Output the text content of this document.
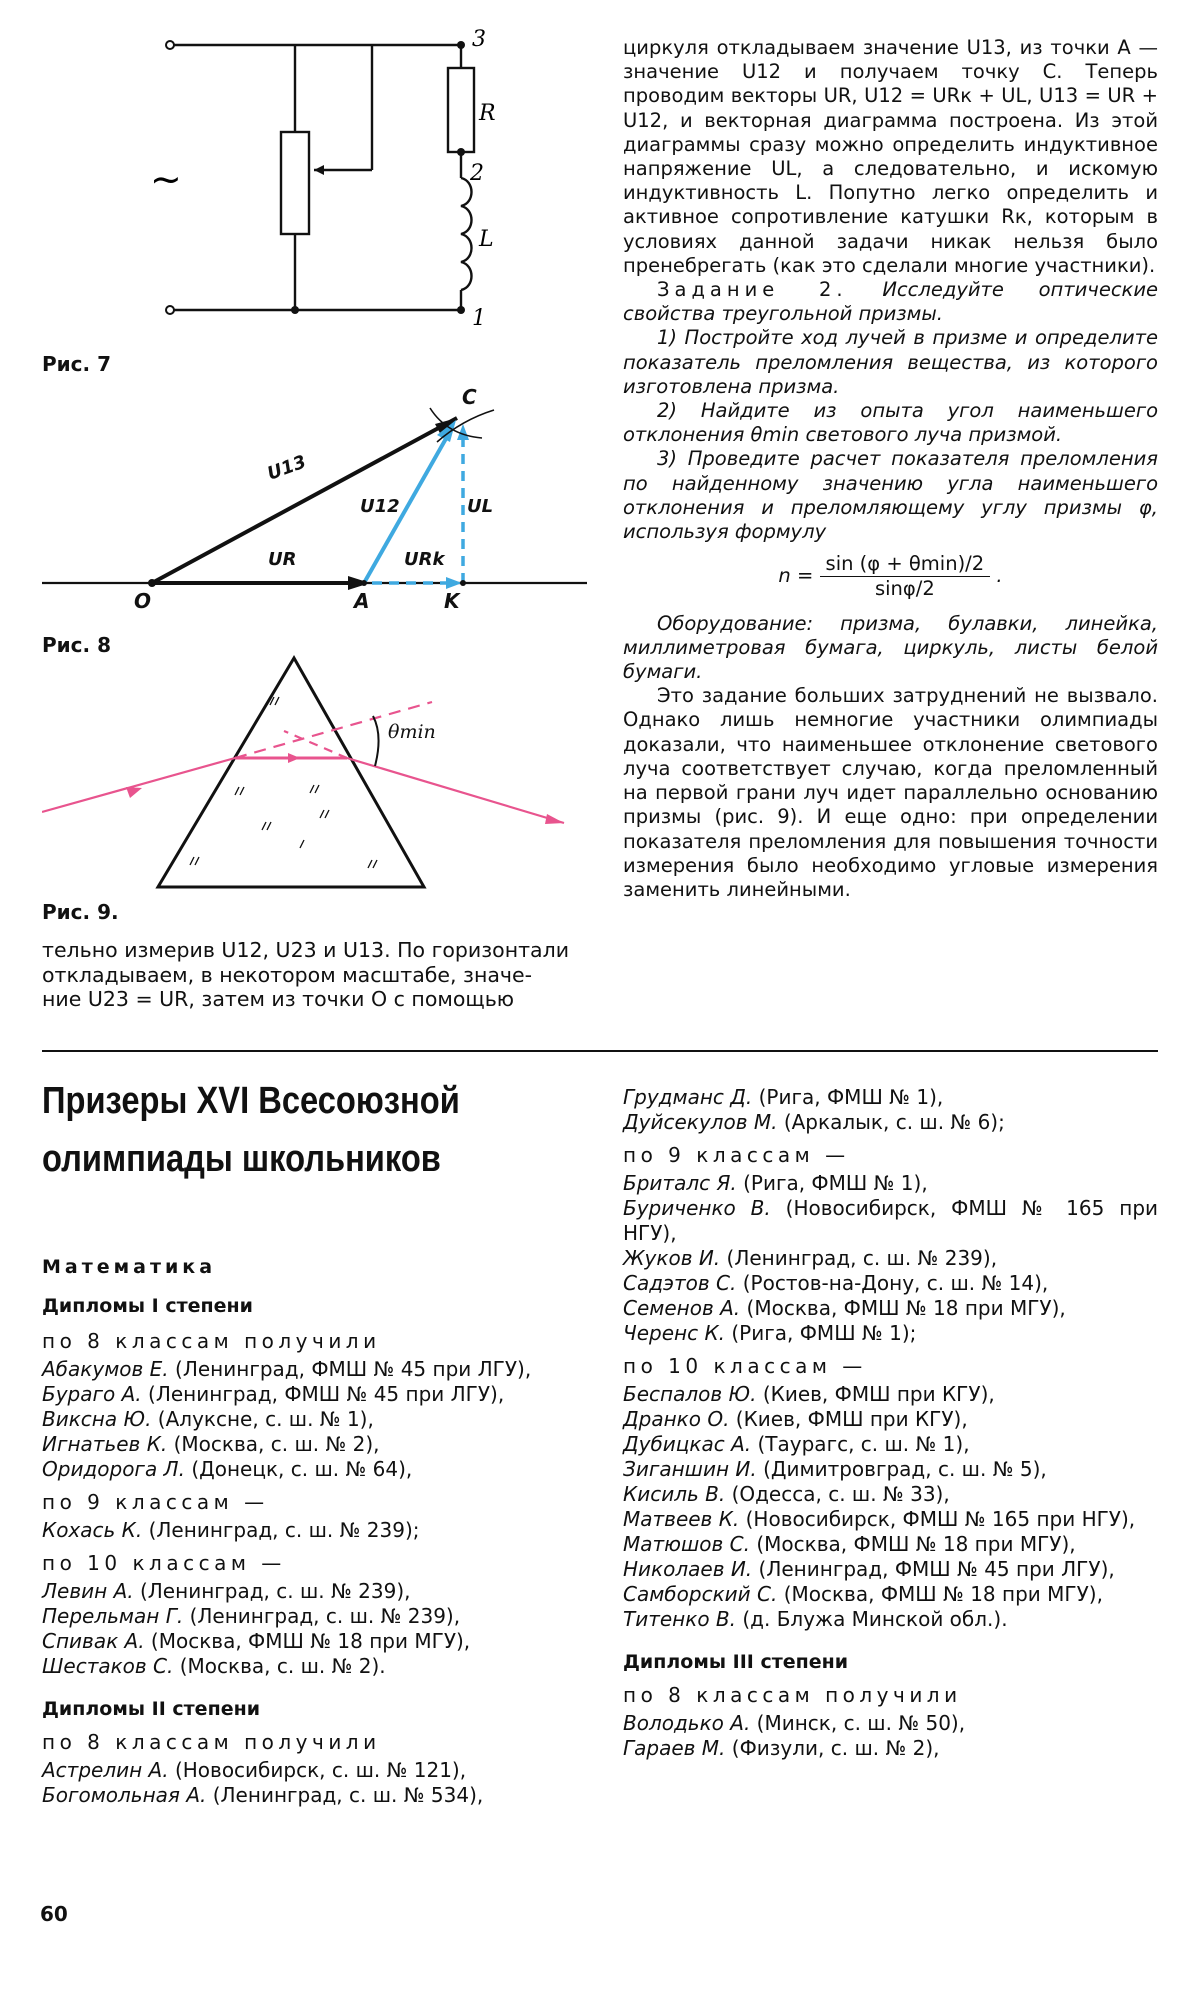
~
3
R
2
L
1
Рис. 7
C
O	A	K
U13
UR
U12
URk
UL
Рис. 8
θmin
Рис. 9.

тельно измерив U12, U23 и U13. По горизонтали

откладываем, в некотором масштабе, значе-

ние U23 = UR, затем из точки O с помощью

циркуля откладываем значение U13, из точки A — значение U12 и получаем точку C. Теперь проводим векторы UR, U12 = URк + UL, U13 = UR + U12, и векторная диаграмма построена. Из этой диаграммы сразу можно определить индуктивное напряжение UL, а следовательно, и искомую индуктивность L. Попутно легко определить и активное сопротивление катушки Rк, которым в условиях данной задачи никак нельзя было пренебрегать (как это сделали многие участники).

Задание 2. Исследуйте оптические свойства треугольной призмы.

1) Постройте ход лучей в призме и определите показатель преломления вещества, из которого изготовлена призма.

2) Найдите из опыта угол наименьшего отклонения θmin светового луча призмой.

3) Проведите расчет показателя преломления по найденному значению угла наименьшего отклонения и преломляющему углу призмы φ, используя формулу

$n = \frac{\sin (\varphi + \theta\min)/2}{\sin\varphi/2}$ .

Оборудование: призма, булавки, линейка, миллиметровая бумага, циркуль, листы белой бумаги.

Это задание больших затруднений не вызвало. Однако лишь немногие участники олимпиады доказали, что наименьшее отклонение светового луча соответствует случаю, когда преломленный на первой грани луч идет параллельно основанию призмы (рис. 9). И еще одно: при определении показателя преломления для повышения точности измерения было необходимо угловые измерения заменить линейными.

Призеры XVI Всесоюзной
олимпиады школьников
Математика
Дипломы I степени
по 8 классам получили

Абакумов Е. (Ленинград, ФМШ № 45 при ЛГУ),

Бураго А. (Ленинград, ФМШ № 45 при ЛГУ),

Виксна Ю. (Алуксне, с. ш. № 1),

Игнатьев К. (Москва, с. ш. № 2),

Оридорога Л. (Донецк, с. ш. № 64),

по 9 классам —

Кохась К. (Ленинград, с. ш. № 239);

по 10 классам —

Левин А. (Ленинград, с. ш. № 239),

Перельман Г. (Ленинград, с. ш. № 239),

Спивак А. (Москва, ФМШ № 18 при МГУ),

Шестаков С. (Москва, с. ш. № 2).

Дипломы II степени
по 8 классам получили

Астрелин А. (Новосибирск, с. ш. № 121),

Богомольная А. (Ленинград, с. ш. № 534),

Грудманс Д. (Рига, ФМШ № 1),

Дуйсекулов М. (Аркалык, с. ш. № 6);

по 9 классам —

Бриталс Я. (Рига, ФМШ № 1),

Буриченко В. (Новосибирск, ФМШ № 165 при НГУ),

Жуков И. (Ленинград, с. ш. № 239),

Садэтов С. (Ростов-на-Дону, с. ш. № 14),

Семенов А. (Москва, ФМШ № 18 при МГУ),

Черенс К. (Рига, ФМШ № 1);

по 10 классам —

Беспалов Ю. (Киев, ФМШ при КГУ),

Дранко О. (Киев, ФМШ при КГУ),

Дубицкас А. (Таурагс, с. ш. № 1),

Зиганшин И. (Димитровград, с. ш. № 5),

Кисиль В. (Одесса, с. ш. № 33),

Матвеев К. (Новосибирск, ФМШ № 165 при НГУ),

Матюшов С. (Москва, ФМШ № 18 при МГУ),

Николаев И. (Ленинград, ФМШ № 45 при ЛГУ),

Самборский С. (Москва, ФМШ № 18 при МГУ),

Титенко В. (д. Блужа Минской обл.).

Дипломы III степени
по 8 классам получили

Володько А. (Минск, с. ш. № 50),

Гараев М. (Физули, с. ш. № 2),

60
